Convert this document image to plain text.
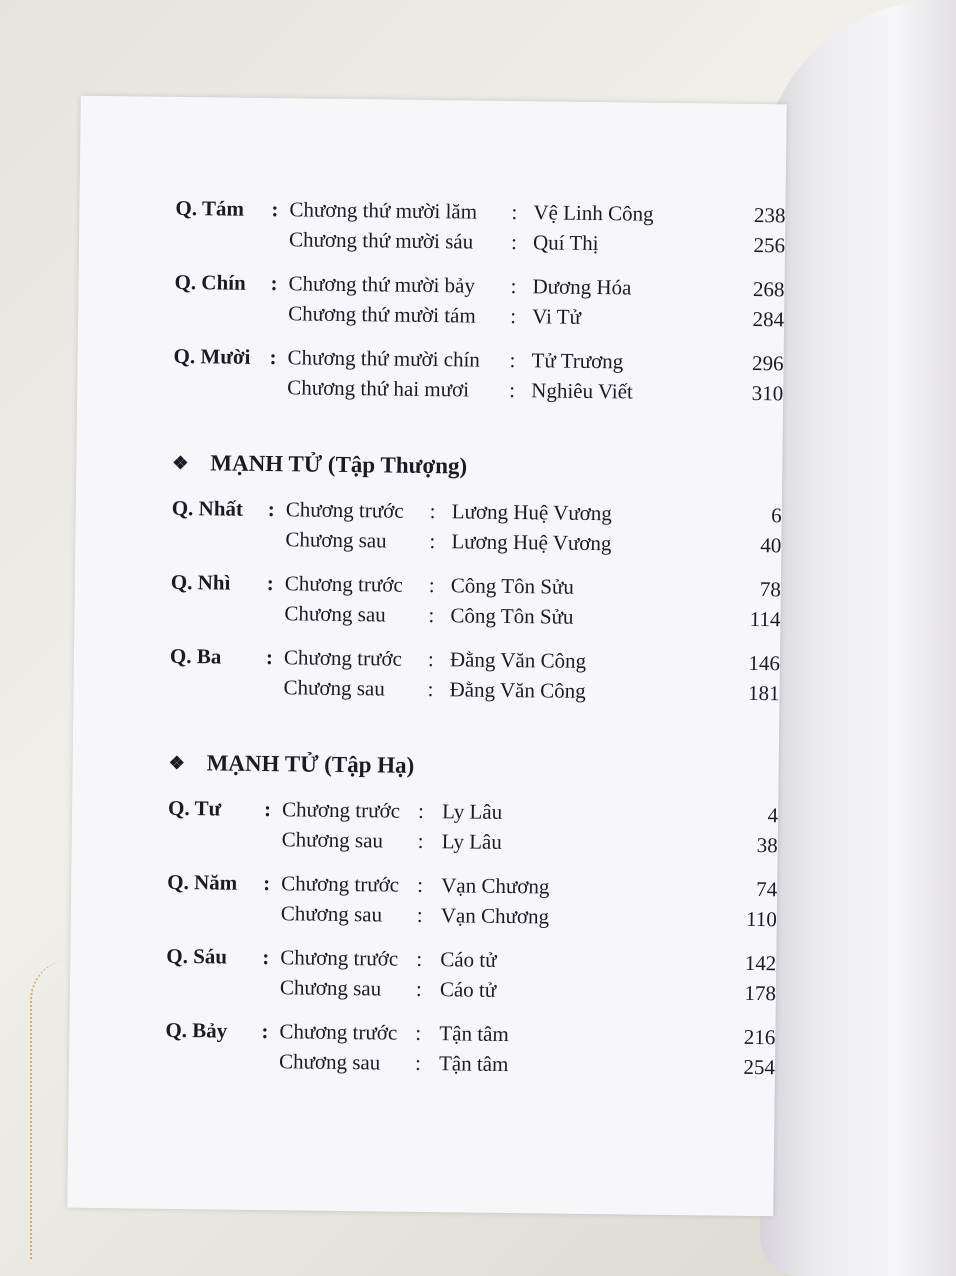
Q. Tám : Chương thứ mười lăm : Vệ Linh Công	238
Chương thứ mười sáu : Quí Thị	256
Q. Chín : Chương thứ mười bảy : Dương Hóa	268
Chương thứ mười tám : Vi Tử	284
Q. Mười : Chương thứ mười chín : Tử Trương	296
Chương thứ hai mươi : Nghiêu Viết	310
❖ MẠNH TỬ (Tập Thượng)
Q. Nhất : Chương trước : Lương Huệ Vương	6
Chương sau : Lương Huệ Vương	40
Q. Nhì : Chương trước : Công Tôn Sửu	78
Chương sau : Công Tôn Sửu	114
Q. Ba : Chương trước : Đằng Văn Công	146
Chương sau : Đằng Văn Công	181
❖ MẠNH TỬ (Tập Hạ)
Q. Tư : Chương trước : Ly Lâu	4
Chương sau : Ly Lâu	38
Q. Năm : Chương trước : Vạn Chương	74
Chương sau : Vạn Chương	110
Q. Sáu : Chương trước : Cáo tử	142
Chương sau : Cáo tử	178
Q. Bảy : Chương trước : Tận tâm	216
Chương sau : Tận tâm	254
